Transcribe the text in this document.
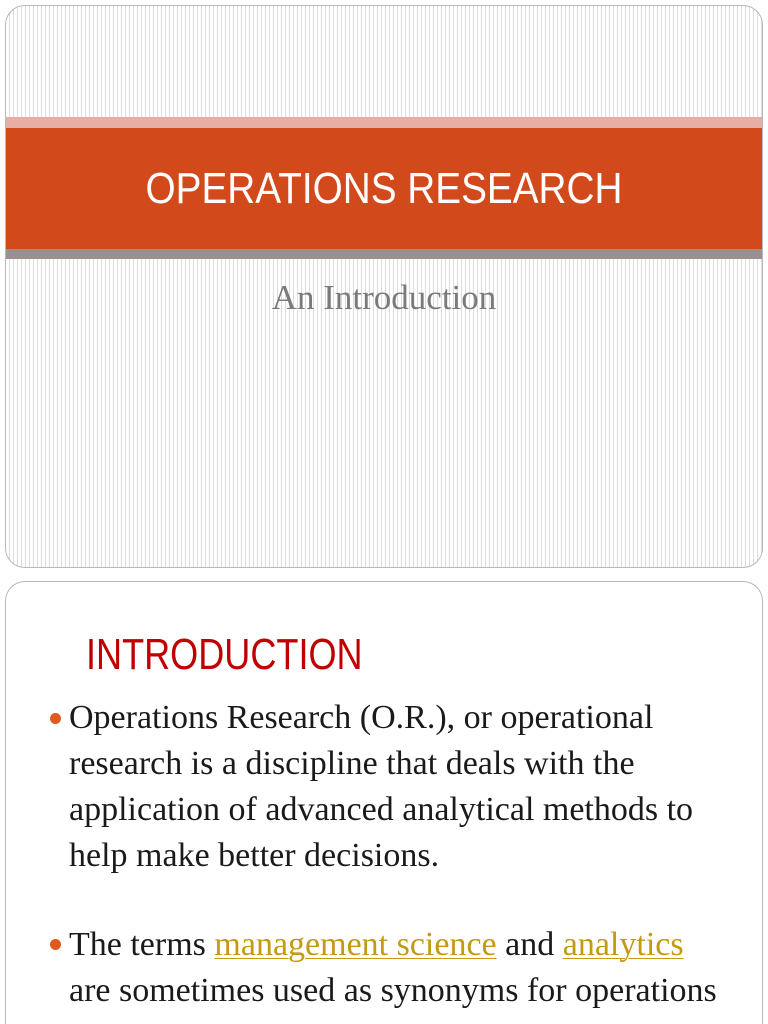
OPERATIONS RESEARCH
An Introduction
INTRODUCTION
Operations Research (O.R.), or operational
research is a discipline that deals with the
application of advanced analytical methods to
help make better decisions.
The terms management science and analytics
are sometimes used as synonyms for operations
